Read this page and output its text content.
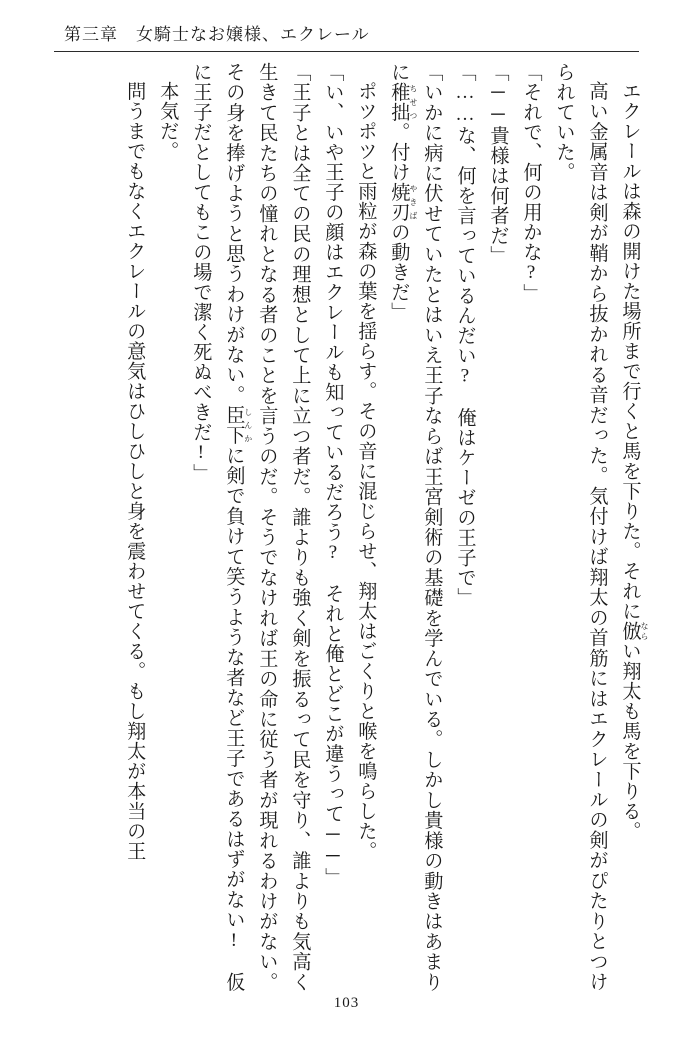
第三章　女騎士なお嬢様、エクレール

エクレールは森の開けた場所まで行くと馬を下りた。それに倣 ならい翔太も馬を下りる。

高い金属音は剣が鞘から抜かれる音だった。気付けば翔太の首筋にはエクレールの剣がぴたりとつけられていた。

「それで、何の用かな?」

「──貴様は何者だ」

「……な、何を言っているんだい?　俺はケーゼの王子で」

「いかに病に伏せていたとはいえ王子ならば王宮剣術の基礎を学んでいる。しかし貴様の動きはあまりに稚拙 ちせつ。付け焼刃 やきばの動きだ」

ポツポツと雨粒が森の葉を揺らす。その音に混じらせ、翔太はごくりと喉を鳴らした。

「い、いや王子の顔はエクレールも知っているだろう?　それと俺とどこが違うって──」

「王子とは全ての民の理想として上に立つ者だ。誰よりも強く剣を振るって民を守り、誰よりも気高く生きて民たちの憧れとなる者のことを言うのだ。そうでなければ王の命に従う者が現れるわけがない。その身を捧げようと思うわけがない。臣下 しんかに剣で負けて笑うような者など王子であるはずがない!　仮に王子だとしてもこの場で潔く死ぬべきだ!」

本気だ。

問うまでもなくエクレールの意気はひしひしと身を震わせてくる。もし翔太が本当の王

103
